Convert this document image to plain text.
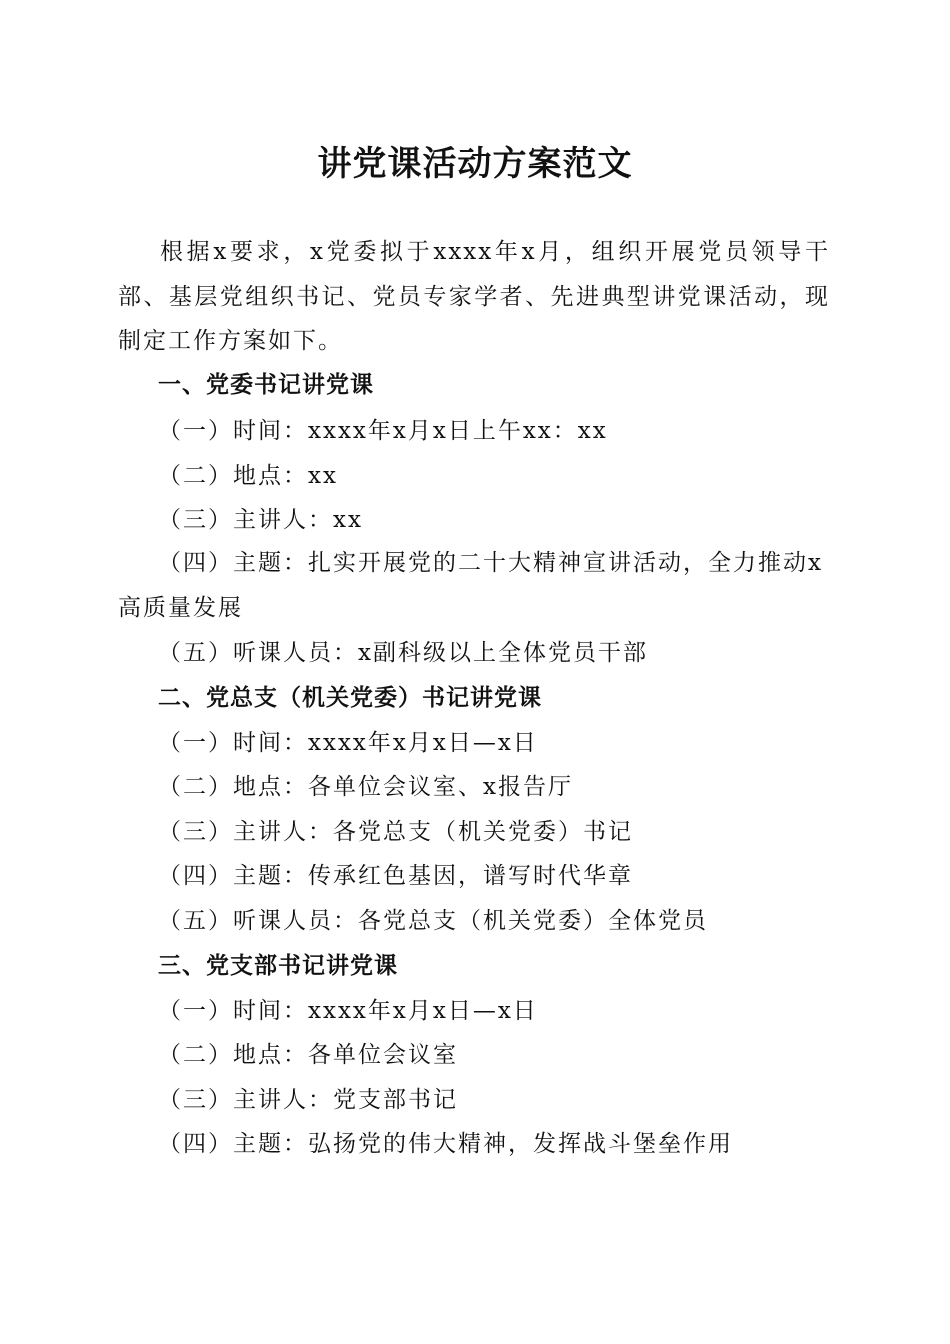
讲党课活动方案范文

根据x要求，x党委拟于xxxx年x月，组织开展党员领导干部、基层党组织书记、党员专家学者、先进典型讲党课活动，现制定工作方案如下。

一、党委书记讲党课
（一）时间：xxxx年x月x日上午xx：xx
（二）地点：xx
（三）主讲人：xx

（四）主题：扎实开展党的二十大精神宣讲活动，全力推动x高质量发展

（五）听课人员：x副科级以上全体党员干部
二、党总支（机关党委）书记讲党课
（一）时间：xxxx年x月x日—x日
（二）地点：各单位会议室、x报告厅
（三）主讲人：各党总支（机关党委）书记
（四）主题：传承红色基因，谱写时代华章
（五）听课人员：各党总支（机关党委）全体党员
三、党支部书记讲党课
（一）时间：xxxx年x月x日—x日
（二）地点：各单位会议室
（三）主讲人：党支部书记
（四）主题：弘扬党的伟大精神，发挥战斗堡垒作用
